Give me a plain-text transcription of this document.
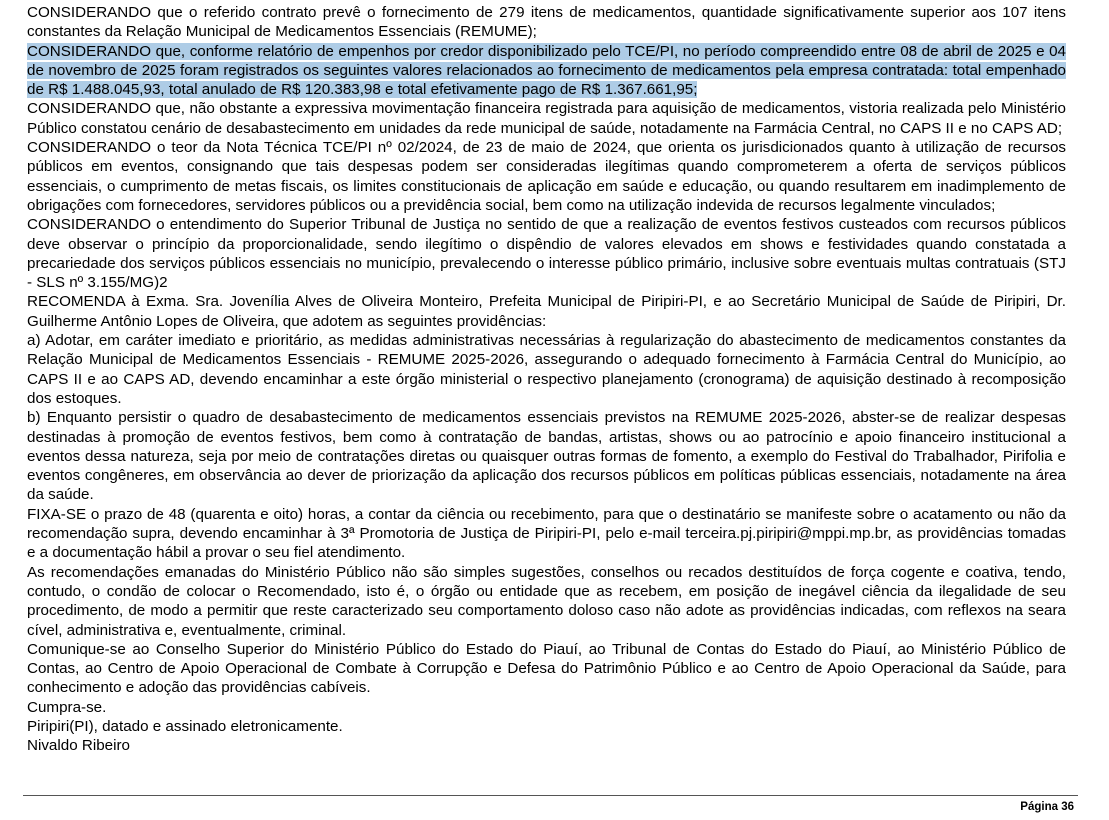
CONSIDERANDO que o referido contrato prevê o fornecimento de 279 itens de medicamentos, quantidade significativamente superior aos 107 itens constantes da Relação Municipal de Medicamentos Essenciais (REMUME);

CONSIDERANDO que, conforme relatório de empenhos por credor disponibilizado pelo TCE/PI, no período compreendido entre 08 de abril de 2025 e 04 de novembro de 2025 foram registrados os seguintes valores relacionados ao fornecimento de medicamentos pela empresa contratada: total empenhado de R$ 1.488.045,93, total anulado de R$ 120.383,98 e total efetivamente pago de R$ 1.367.661,95;

CONSIDERANDO que, não obstante a expressiva movimentação financeira registrada para aquisição de medicamentos, vistoria realizada pelo Ministério Público constatou cenário de desabastecimento em unidades da rede municipal de saúde, notadamente na Farmácia Central, no CAPS II e no CAPS AD;

CONSIDERANDO o teor da Nota Técnica TCE/PI nº 02/2024, de 23 de maio de 2024, que orienta os jurisdicionados quanto à utilização de recursos públicos em eventos, consignando que tais despesas podem ser consideradas ilegítimas quando comprometerem a oferta de serviços públicos essenciais, o cumprimento de metas fiscais, os limites constitucionais de aplicação em saúde e educação, ou quando resultarem em inadimplemento de obrigações com fornecedores, servidores públicos ou a previdência social, bem como na utilização indevida de recursos legalmente vinculados;

CONSIDERANDO o entendimento do Superior Tribunal de Justiça no sentido de que a realização de eventos festivos custeados com recursos públicos deve observar o princípio da proporcionalidade, sendo ilegítimo o dispêndio de valores elevados em shows e festividades quando constatada a precariedade dos serviços públicos essenciais no município, prevalecendo o interesse público primário, inclusive sobre eventuais multas contratuais (STJ - SLS nº 3.155/MG)2

RECOMENDA à Exma. Sra. Jovenília Alves de Oliveira Monteiro, Prefeita Municipal de Piripiri-PI, e ao Secretário Municipal de Saúde de Piripiri, Dr. Guilherme Antônio Lopes de Oliveira, que adotem as seguintes providências:

a) Adotar, em caráter imediato e prioritário, as medidas administrativas necessárias à regularização do abastecimento de medicamentos constantes da Relação Municipal de Medicamentos Essenciais - REMUME 2025-2026, assegurando o adequado fornecimento à Farmácia Central do Município, ao CAPS II e ao CAPS AD, devendo encaminhar a este órgão ministerial o respectivo planejamento (cronograma) de aquisição destinado à recomposição dos estoques.

b) Enquanto persistir o quadro de desabastecimento de medicamentos essenciais previstos na REMUME 2025-2026, abster-se de realizar despesas destinadas à promoção de eventos festivos, bem como à contratação de bandas, artistas, shows ou ao patrocínio e apoio financeiro institucional a eventos dessa natureza, seja por meio de contratações diretas ou quaisquer outras formas de fomento, a exemplo do Festival do Trabalhador, Pirifolia e eventos congêneres, em observância ao dever de priorização da aplicação dos recursos públicos em políticas públicas essenciais, notadamente na área da saúde.

FIXA-SE o prazo de 48 (quarenta e oito) horas, a contar da ciência ou recebimento, para que o destinatário se manifeste sobre o acatamento ou não da recomendação supra, devendo encaminhar à 3ª Promotoria de Justiça de Piripiri-PI, pelo e-mail terceira.pj.piripiri@mppi.mp.br, as providências tomadas e a documentação hábil a provar o seu fiel atendimento.

As recomendações emanadas do Ministério Público não são simples sugestões, conselhos ou recados destituídos de força cogente e coativa, tendo, contudo, o condão de colocar o Recomendado, isto é, o órgão ou entidade que as recebem, em posição de inegável ciência da ilegalidade de seu procedimento, de modo a permitir que reste caracterizado seu comportamento doloso caso não adote as providências indicadas, com reflexos na seara cível, administrativa e, eventualmente, criminal.

Comunique-se ao Conselho Superior do Ministério Público do Estado do Piauí, ao Tribunal de Contas do Estado do Piauí, ao Ministério Público de Contas, ao Centro de Apoio Operacional de Combate à Corrupção e Defesa do Patrimônio Público e ao Centro de Apoio Operacional da Saúde, para conhecimento e adoção das providências cabíveis.

Cumpra-se.

Piripiri(PI), datado e assinado eletronicamente.

Nivaldo Ribeiro

Página 36
